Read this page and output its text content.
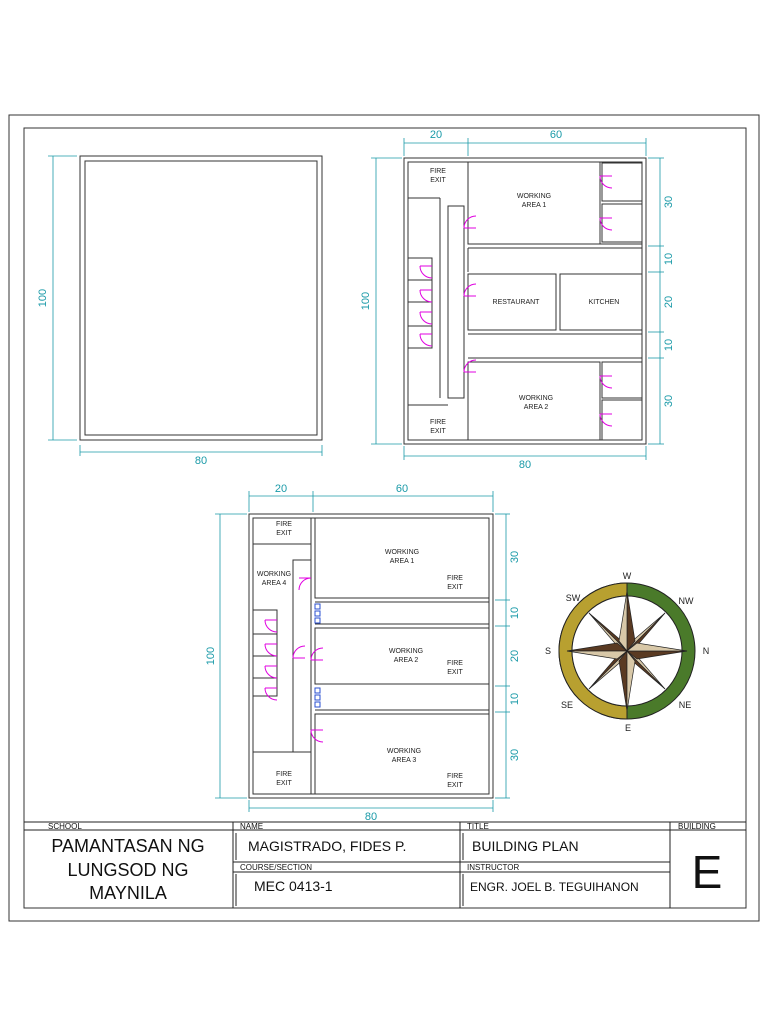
80
100
FIRE
EXIT
FIRE
EXIT
WORKING
AREA 1
RESTAURANT	KITCHEN
WORKING
AREA 2
20	60
80
100
30
10
20
10
30
FIRE
EXIT
WORKING
AREA 4
FIRE
EXIT
WORKING
AREA 1
FIRE
EXIT
WORKING
AREA 2	FIRE
EXIT
WORKING
AREA 3
FIRE
EXIT
20	60
80
100
30
10
20
10
30
W
NW
N
NE
E
SE
S
SW
SCHOOL
PAMANTASAN NG
LUNGSOD NG
MAYNILA
NAME
MAGISTRADO, FIDES P.
COURSE/SECTION
MEC 0413-1
TITLE
BUILDING PLAN
INSTRUCTOR
ENGR. JOEL B. TEGUIHANON
BUILDING
E
